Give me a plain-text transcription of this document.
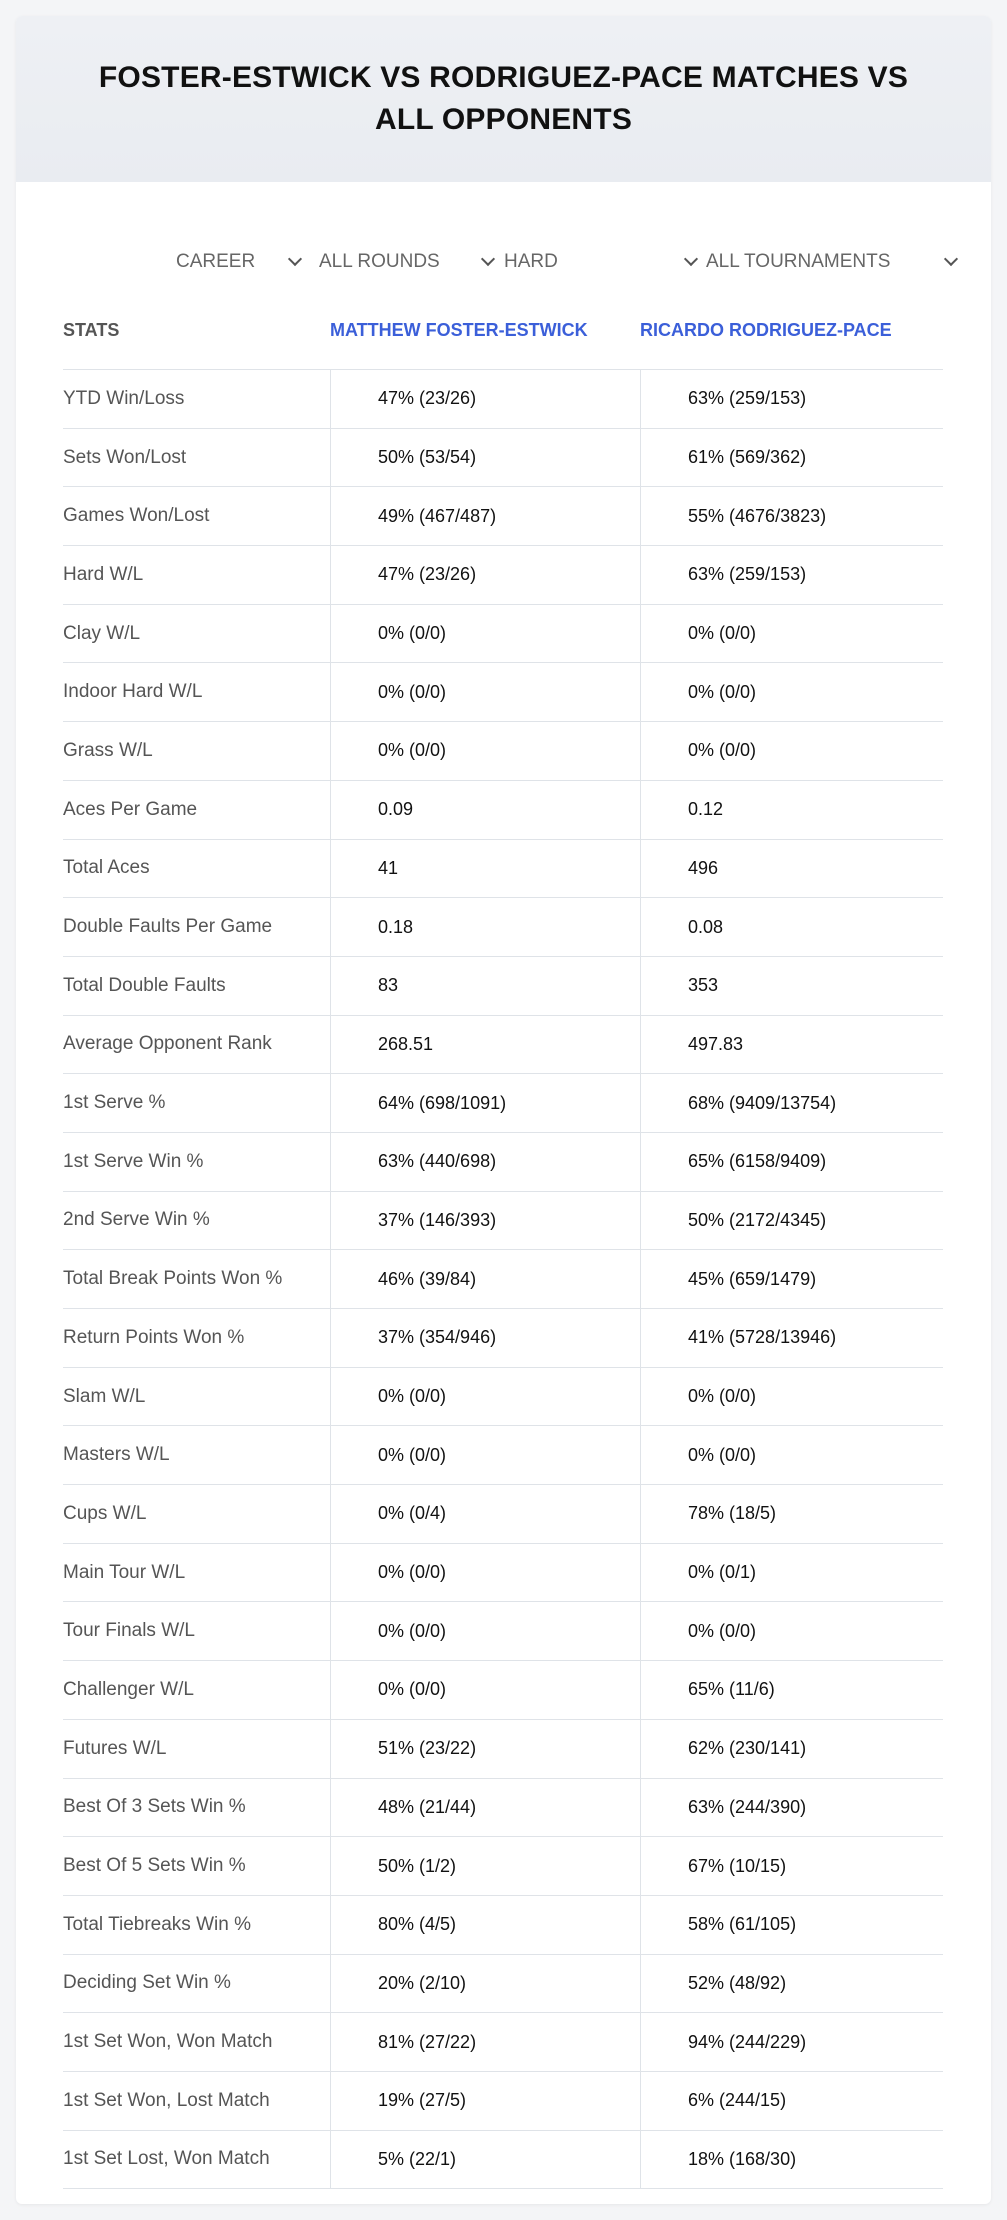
FOSTER-ESTWICK VS RODRIGUEZ-PACE MATCHES VS ALL OPPONENTS
CAREER	ALL ROUNDS	HARD	ALL TOURNAMENTS
STATS	MATTHEW FOSTER-ESTWICK	RICARDO RODRIGUEZ-PACE
YTD Win/Loss	47% (23/26)	63% (259/153)
Sets Won/Lost	50% (53/54)	61% (569/362)
Games Won/Lost	49% (467/487)	55% (4676/3823)
Hard W/L	47% (23/26)	63% (259/153)
Clay W/L	0% (0/0)	0% (0/0)
Indoor Hard W/L	0% (0/0)	0% (0/0)
Grass W/L	0% (0/0)	0% (0/0)
Aces Per Game	0.09	0.12
Total Aces	41	496
Double Faults Per Game	0.18	0.08
Total Double Faults	83	353
Average Opponent Rank	268.51	497.83
1st Serve %	64% (698/1091)	68% (9409/13754)
1st Serve Win %	63% (440/698)	65% (6158/9409)
2nd Serve Win %	37% (146/393)	50% (2172/4345)
Total Break Points Won %	46% (39/84)	45% (659/1479)
Return Points Won %	37% (354/946)	41% (5728/13946)
Slam W/L	0% (0/0)	0% (0/0)
Masters W/L	0% (0/0)	0% (0/0)
Cups W/L	0% (0/4)	78% (18/5)
Main Tour W/L	0% (0/0)	0% (0/1)
Tour Finals W/L	0% (0/0)	0% (0/0)
Challenger W/L	0% (0/0)	65% (11/6)
Futures W/L	51% (23/22)	62% (230/141)
Best Of 3 Sets Win %	48% (21/44)	63% (244/390)
Best Of 5 Sets Win %	50% (1/2)	67% (10/15)
Total Tiebreaks Win %	80% (4/5)	58% (61/105)
Deciding Set Win %	20% (2/10)	52% (48/92)
1st Set Won, Won Match	81% (27/22)	94% (244/229)
1st Set Won, Lost Match	19% (27/5)	6% (244/15)
1st Set Lost, Won Match	5% (22/1)	18% (168/30)
